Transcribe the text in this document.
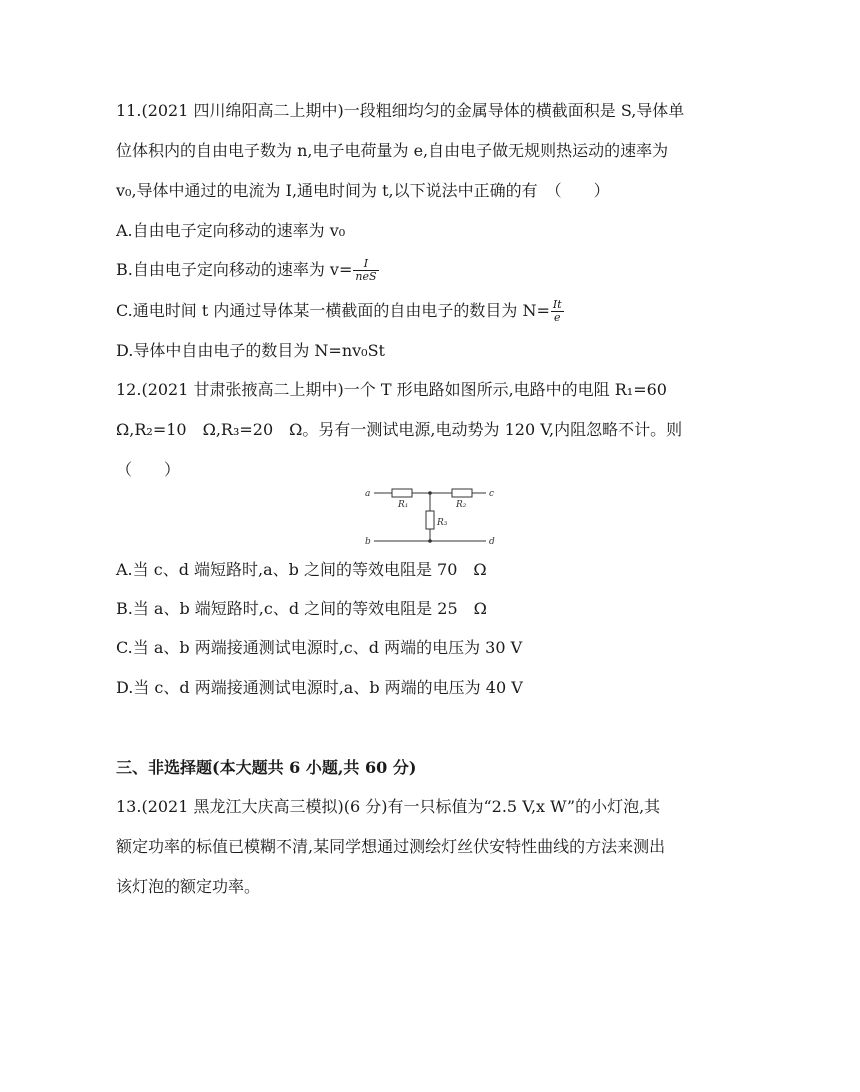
11.(2021 四川绵阳高二上期中)一段粗细均匀的金属导体的横截面积是 S,导体单
位体积内的自由电子数为 n,电子电荷量为 e,自由电子做无规则热运动的速率为
v₀,导体中通过的电流为 I,通电时间为 t,以下说法中正确的有　（　　）
A.自由电子定向移动的速率为 v₀
B.自由电子定向移动的速率为 $v= \frac{I}{\text{neS}}$
C.通电时间 t 内通过导体某一横截面的自由电子的数目为 $N= \frac{It}{e}$
D.导体中自由电子的数目为 N=nv₀St
12.(2021 甘肃张掖高二上期中)一个 T 形电路如图所示,电路中的电阻 R₁=60
Ω,R₂=10　Ω,R₃=20　Ω。另有一测试电源,电动势为 120 V,内阻忽略不计。则
（　　）
a
b
c
d
R₁	R₂
R₃
A.当 c、d 端短路时,a、b 之间的等效电阻是 70　Ω
B.当 a、b 端短路时,c、d 之间的等效电阻是 25　Ω
C.当 a、b 两端接通测试电源时,c、d 两端的电压为 30 V
D.当 c、d 两端接通测试电源时,a、b 两端的电压为 40 V
三、非选择题(本大题共 6 小题,共 60 分)
13.(2021 黑龙江大庆高三模拟)(6 分)有一只标值为“2.5 V,x W”的小灯泡,其
额定功率的标值已模糊不清,某同学想通过测绘灯丝伏安特性曲线的方法来测出
该灯泡的额定功率。
